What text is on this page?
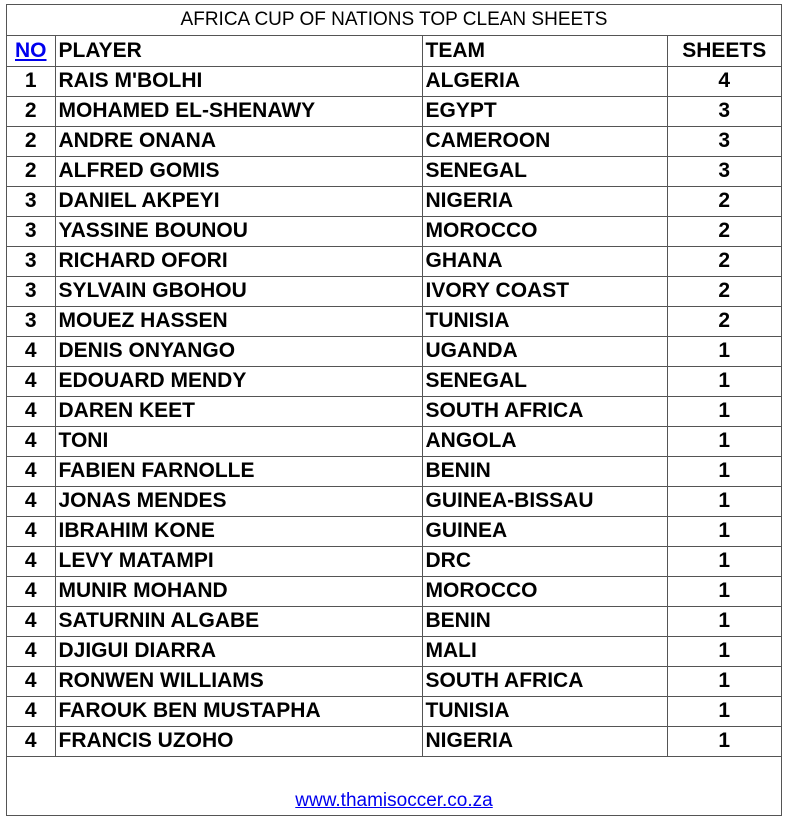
AFRICA CUP OF NATIONS TOP CLEAN SHEETS
NO	PLAYER	TEAM	SHEETS
1	RAIS M'BOLHI	ALGERIA	4
2	MOHAMED EL-SHENAWY	EGYPT	3
2	ANDRE ONANA	CAMEROON	3
2	ALFRED GOMIS	SENEGAL	3
3	DANIEL AKPEYI	NIGERIA	2
3	YASSINE BOUNOU	MOROCCO	2
3	RICHARD OFORI	GHANA	2
3	SYLVAIN GBOHOU	IVORY COAST	2
3	MOUEZ HASSEN	TUNISIA	2
4	DENIS ONYANGO	UGANDA	1
4	EDOUARD MENDY	SENEGAL	1
4	DAREN KEET	SOUTH AFRICA	1
4	TONI	ANGOLA	1
4	FABIEN FARNOLLE	BENIN	1
4	JONAS MENDES	GUINEA-BISSAU	1
4	IBRAHIM KONE	GUINEA	1
4	LEVY MATAMPI	DRC	1
4	MUNIR MOHAND	MOROCCO	1
4	SATURNIN ALGABE	BENIN	1
4	DJIGUI DIARRA	MALI	1
4	RONWEN WILLIAMS	SOUTH AFRICA	1
4	FAROUK BEN MUSTAPHA	TUNISIA	1
4	FRANCIS UZOHO	NIGERIA	1
www.thamisoccer.co.za
